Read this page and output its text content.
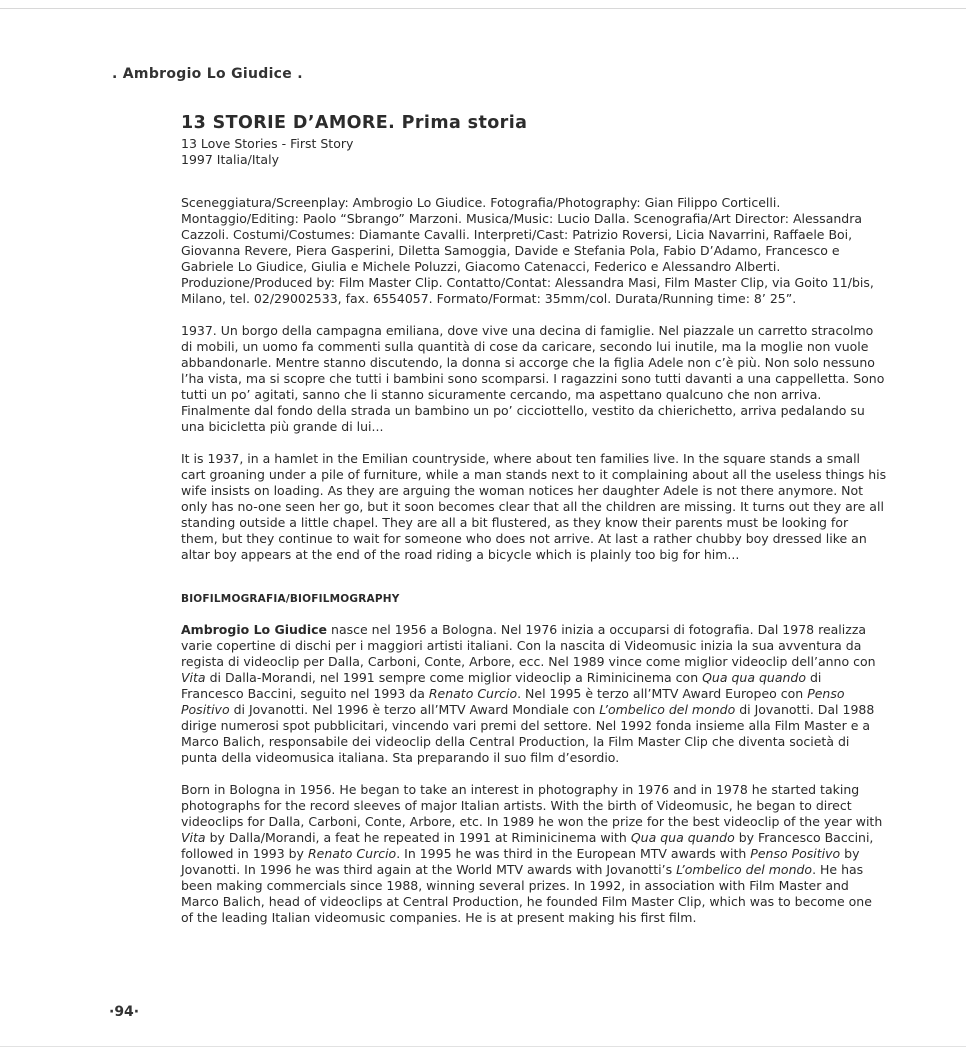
. Ambrogio Lo Giudice .
13 STORIE D’AMORE. Prima storia

13 Love Stories - First Story

1997 Italia/Italy

Sceneggiatura/Screenplay: Ambrogio Lo Giudice. Fotografia/Photography: Gian Filippo Corticelli. Montaggio/Editing: Paolo “Sbrango” Marzoni. Musica/Music: Lucio Dalla. Scenografia/Art Director: Alessandra Cazzoli. Costumi/Costumes: Diamante Cavalli. Interpreti/Cast: Patrizio Roversi, Licia Navarrini, Raffaele Boi, Giovanna Revere, Piera Gasperini, Diletta Samoggia, Davide e Stefania Pola, Fabio D’Adamo, Francesco e Gabriele Lo Giudice, Giulia e Michele Poluzzi, Giacomo Catenacci, Federico e Alessandro Alberti. Produzione/Produced by: Film Master Clip. Contatto/Contat: Alessandra Masi, Film Master Clip, via Goito 11/bis, Milano, tel. 02/29002533, fax. 6554057. Formato/Format: 35mm/col. Durata/Running time: 8’ 25”.

1937. Un borgo della campagna emiliana, dove vive una decina di famiglie. Nel piazzale un carretto stracolmo di mobili, un uomo fa commenti sulla quantità di cose da caricare, secondo lui inutile, ma la moglie non vuole abbandonarle. Mentre stanno discutendo, la donna si accorge che la figlia Adele non c’è più. Non solo nessuno l’ha vista, ma si scopre che tutti i bambini sono scomparsi. I ragazzini sono tutti davanti a una cappelletta. Sono tutti un po’ agitati, sanno che li stanno sicuramente cercando, ma aspettano qualcuno che non arriva. Finalmente dal fondo della strada un bambino un po’ cicciottello, vestito da chierichetto, arriva pedalando su una bicicletta più grande di lui...

It is 1937, in a hamlet in the Emilian countryside, where about ten families live. In the square stands a small cart groaning under a pile of furniture, while a man stands next to it complaining about all the useless things his wife insists on loading. As they are arguing the woman notices her daughter Adele is not there anymore. Not only has no-one seen her go, but it soon becomes clear that all the children are missing. It turns out they are all standing outside a little chapel. They are all a bit flustered, as they know their parents must be looking for them, but they continue to wait for someone who does not arrive. At last a rather chubby boy dressed like an altar boy appears at the end of the road riding a bicycle which is plainly too big for him...

BIOFILMOGRAFIA/BIOFILMOGRAPHY

Ambrogio Lo Giudice nasce nel 1956 a Bologna. Nel 1976 inizia a occuparsi di fotografia. Dal 1978 realizza varie copertine di dischi per i maggiori artisti italiani. Con la nascita di Videomusic inizia la sua avventura da regista di videoclip per Dalla, Carboni, Conte, Arbore, ecc. Nel 1989 vince come miglior videoclip dell’anno con Vita di Dalla-Morandi, nel 1991 sempre come miglior videoclip a Riminicinema con Qua qua quando di Francesco Baccini, seguito nel 1993 da Renato Curcio. Nel 1995 è terzo all’MTV Award Europeo con Penso Positivo di Jovanotti. Nel 1996 è terzo all’MTV Award Mondiale con L’ombelico del mondo di Jovanotti. Dal 1988 dirige numerosi spot pubblicitari, vincendo vari premi del settore. Nel 1992 fonda insieme alla Film Master e a Marco Balich, responsabile dei videoclip della Central Production, la Film Master Clip che diventa società di punta della videomusica italiana. Sta preparando il suo film d’esordio.

Born in Bologna in 1956. He began to take an interest in photography in 1976 and in 1978 he started taking photographs for the record sleeves of major Italian artists. With the birth of Videomusic, he began to direct videoclips for Dalla, Carboni, Conte, Arbore, etc. In 1989 he won the prize for the best videoclip of the year with Vita by Dalla/Morandi, a feat he repeated in 1991 at Riminicinema with Qua qua quando by Francesco Baccini, followed in 1993 by Renato Curcio. In 1995 he was third in the European MTV awards with Penso Positivo by Jovanotti. In 1996 he was third again at the World MTV awards with Jovanotti’s L’ombelico del mondo. He has been making commercials since 1988, winning several prizes. In 1992, in association with Film Master and Marco Balich, head of videoclips at Central Production, he founded Film Master Clip, which was to become one of the leading Italian videomusic companies. He is at present making his first film.

·94·
